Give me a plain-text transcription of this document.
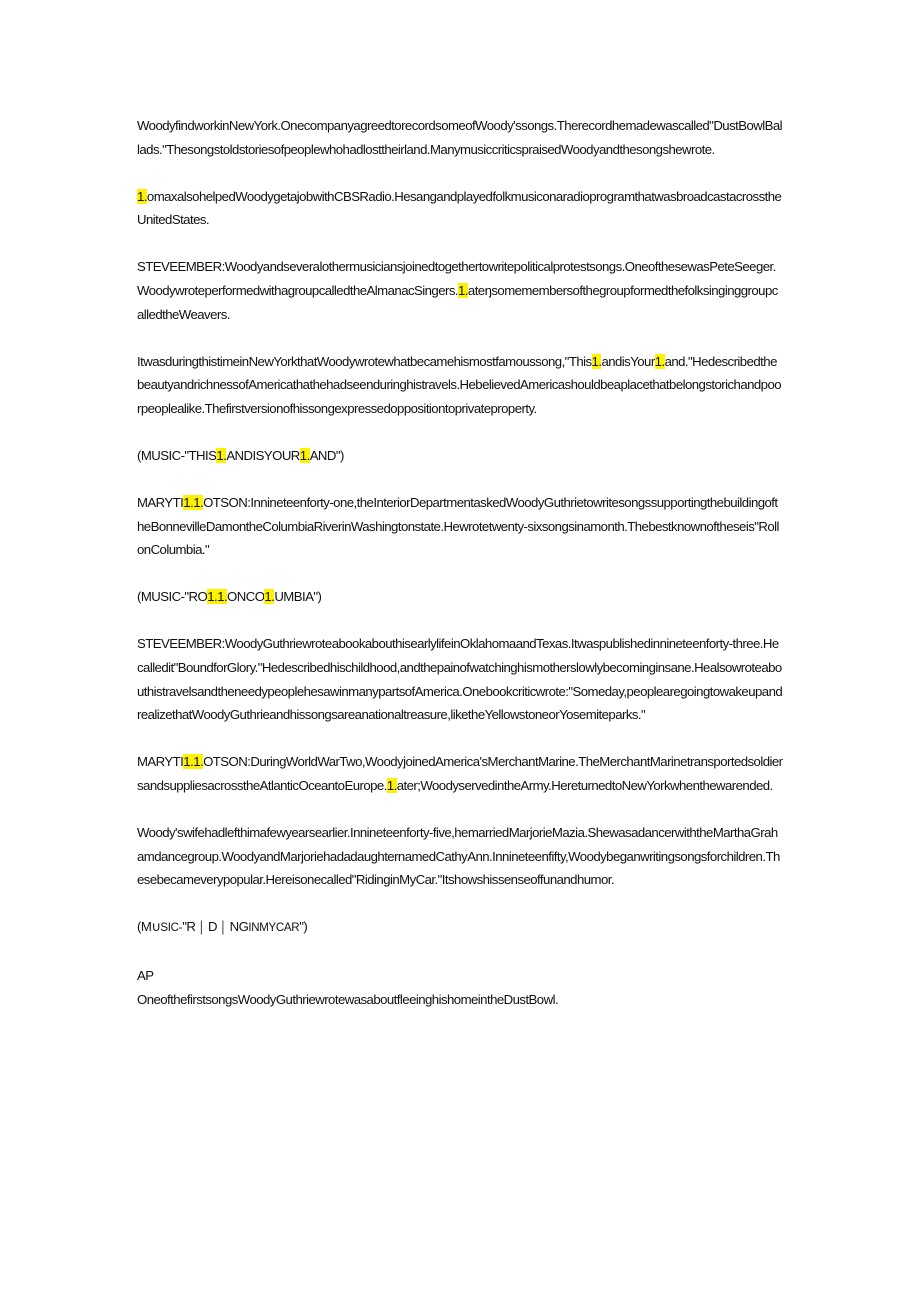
WoodyfindworkinNewYork.OnecompanyagreedtorecordsomeofWoody'ssongs.Therecordhemadewascalled"DustBowlBallads."Thesongstoldstoriesofpeoplewhohadlosttheirland.ManymusiccriticspraisedWoodyandthesongshewrote.

1.omaxalsohelpedWoodygetajobwithCBSRadio.HesangandplayedfolkmusiconaradioprogramthatwasbroadcastacrosstheUnitedStates.

STEVEEMBER:Woodyandseveralothermusiciansjoinedtogethertowritepoliticalprotestsongs.OneofthesewasPeteSeeger.WoodywroteperformedwithagroupcalledtheAlmanacSingers.1.ateŋsomemembersofthegroupformedthefolksinginggroupcalledtheWeavers.

ItwasduringthistimeinNewYorkthatWoodywrotewhatbecamehismostfamoussong,"This1.andisYour1.and."HedescribedthebeautyandrichnessofAmericathathehadseenduringhistravels.HebelievedAmericashouldbeaplacethatbelongstorichandpoorpeoplealike.Thefirstversionofhissongexpressedoppositiontoprivateproperty.

(MUSIC-"THIS1.ANDISYOUR1.AND")

MARYTI1.1.OTSON:Innineteenforty-one,theInteriorDepartmentaskedWoodyGuthrietowritesongssupportingthebuildingoftheBonnevilleDamontheColumbiaRiverinWashingtonstate.Hewrotetwenty-sixsongsinamonth.Thebestknownoftheseis"RollonColumbia."

(MUSIC-"RO1.1.ONCO1.UMBIA")

STEVEEMBER:WoodyGuthriewroteabookabouthisearlylifeinOklahomaandTexas.Itwaspublishedinnineteenforty-three.Hecalledit"BoundforGlory."Hedescribedhischildhood,andthepainofwatchinghismotherslowlybecominginsane.HealsowroteabouthistravelsandtheneedypeoplehesawinmanypartsofAmerica.Onebookcriticwrote:"Someday,peoplearegoingtowakeupandrealizethatWoodyGuthrieandhissongsareanationaltreasure,liketheYellowstoneorYosemiteparks."

MARYTI1.1.OTSON:DuringWorldWarTwo,WoodyjoinedAmerica'sMerchantMarine.TheMerchantMarinetransportedsoldiersandsuppliesacrosstheAtlanticOceantoEurope.1.ater;WoodyservedintheArmy.HereturnedtoNewYorkwhenthewarended.

Woody'swifehadlefthimafewyearsearlier.Innineteenforty-five,hemarriedMarjorieMazia.ShewasadancerwiththeMarthaGrahamdancegroup.WoodyandMarjoriehadadaughternamedCathyAnn.Innineteenfifty,Woodybeganwritingsongsforchildren.Thesebecameverypopular.Hereisonecalled"RidinginMyCar."Itshowshissenseoffunandhumor.

(M∪SIC-"R │ D │ NGINMYCAR")

AP
OneofthefirstsongsWoodyGuthriewrotewasaboutfleeinghishomeintheDustBowl.
